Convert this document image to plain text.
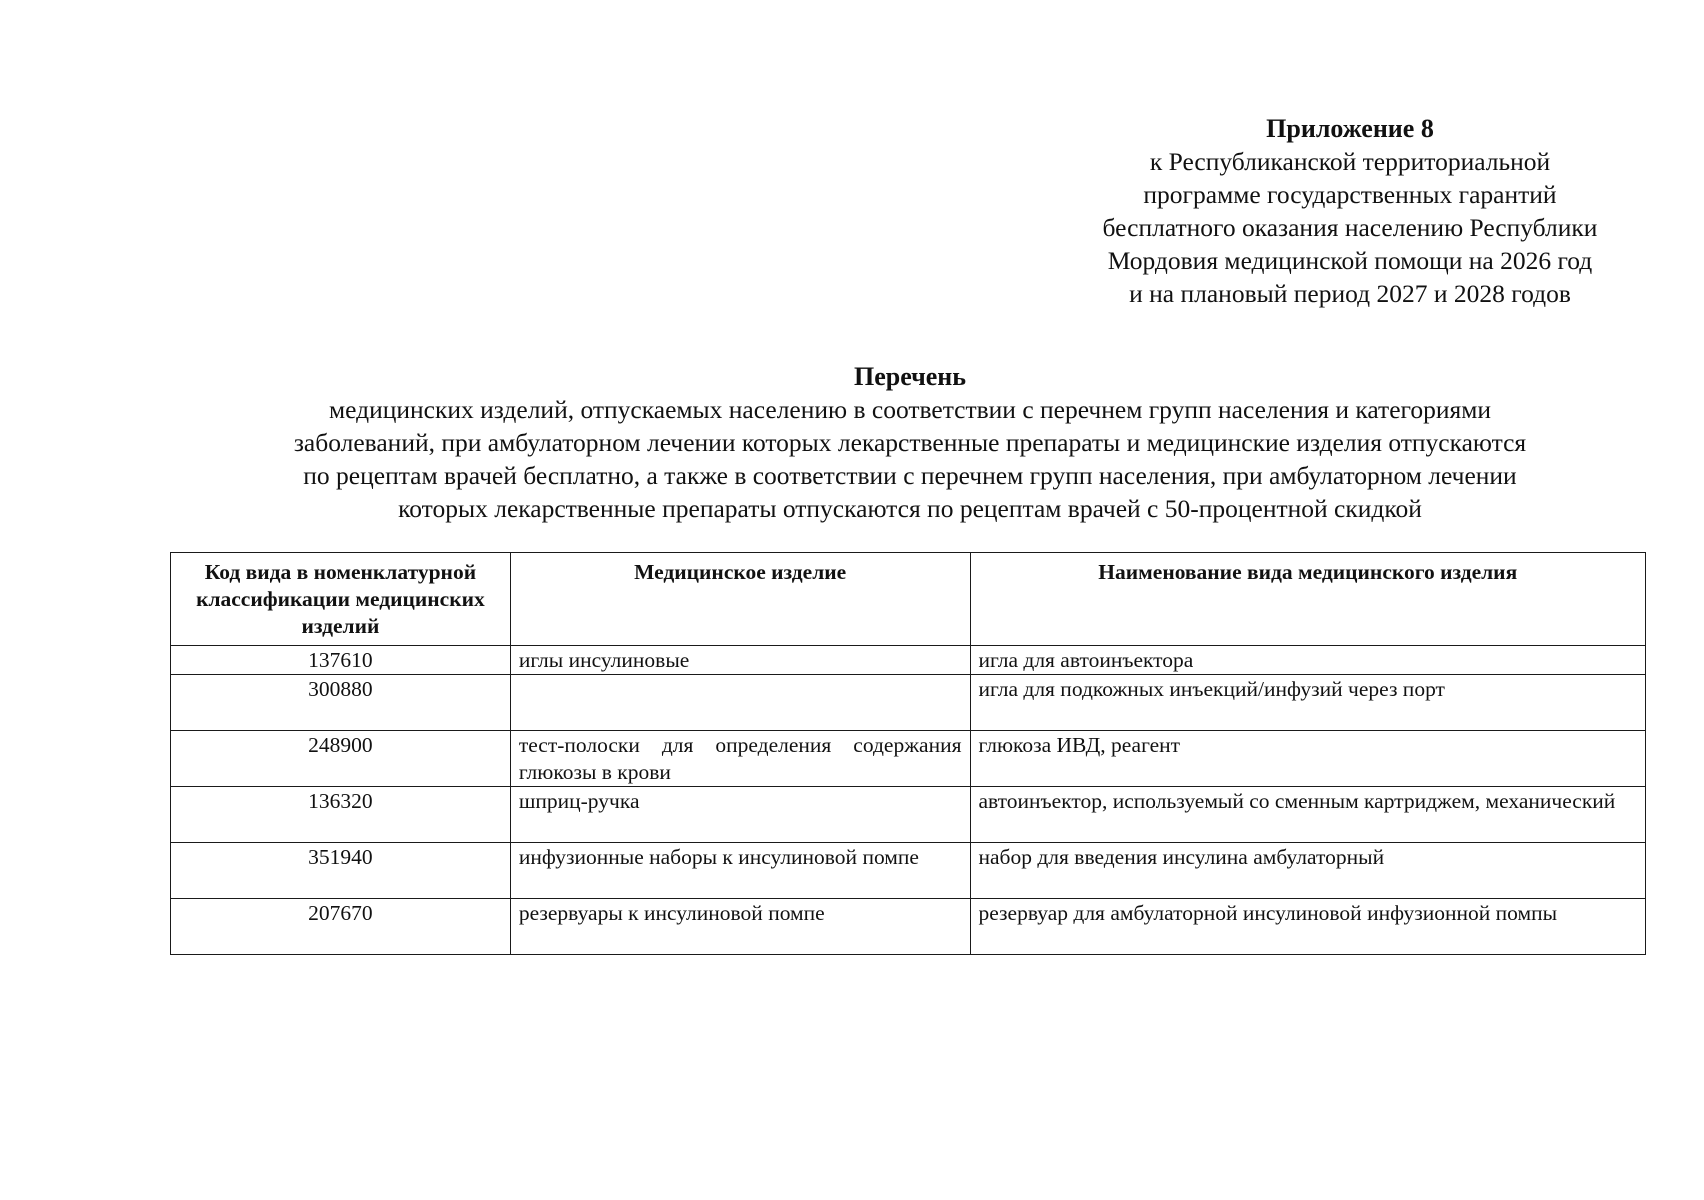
Приложение 8
к Республиканской территориальной
программе государственных гарантий
бесплатного оказания населению Республики
Мордовия медицинской помощи на 2026 год
и на плановый период 2027 и 2028 годов
Перечень
медицинских изделий, отпускаемых населению в соответствии с перечнем групп населения и категориями
заболеваний, при амбулаторном лечении которых лекарственные препараты и медицинские изделия отпускаются
по рецептам врачей бесплатно, а также в соответствии с перечнем групп населения, при амбулаторном лечении
которых лекарственные препараты отпускаются по рецептам врачей с 50-процентной скидкой
Код вида в номенклатурной классификации медицинских изделий	Медицинское изделие	Наименование вида медицинского изделия
137610	иглы инсулиновые	игла для автоинъектора
300880		игла для подкожных инъекций/инфузий через порт
248900	тест-полоски для определения содержания глюкозы в крови	глюкоза ИВД, реагент
136320	шприц-ручка	автоинъектор, используемый со сменным картриджем, механический
351940	инфузионные наборы к инсулиновой помпе	набор для введения инсулина амбулаторный
207670	резервуары к инсулиновой помпе	резервуар для амбулаторной инсулиновой инфузионной помпы
